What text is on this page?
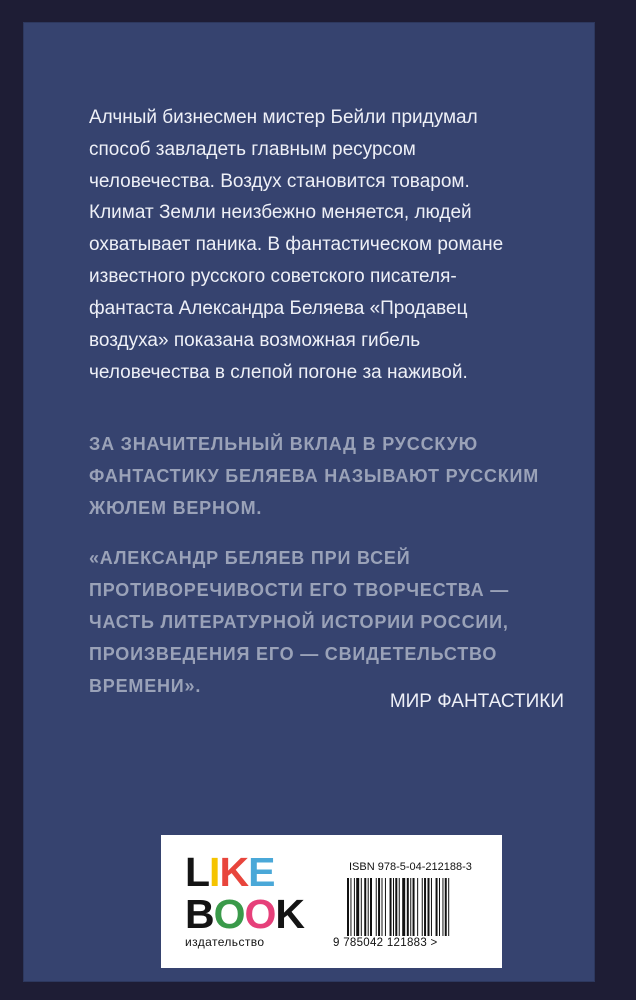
Алчный бизнесмен мистер Бейли придумал
способ завладеть главным ресурсом
человечества. Воздух становится товаром.

Климат Земли неизбежно меняется, людей
охватывает паника. В фантастическом романе
известного русского советского писателя-
фантаста Александра Беляева «Продавец
воздуха» показана возможная гибель
человечества в слепой погоне за наживой.

ЗА ЗНАЧИТЕЛЬНЫЙ ВКЛАД В РУССКУЮ
ФАНТАСТИКУ БЕЛЯЕВА НАЗЫВАЮТ РУССКИМ
ЖЮЛЕМ ВЕРНОМ.

«АЛЕКСАНДР БЕЛЯЕВ ПРИ ВСЕЙ
ПРОТИВОРЕЧИВОСТИ ЕГО ТВОРЧЕСТВА —
ЧАСТЬ ЛИТЕРАТУРНОЙ ИСТОРИИ РОССИИ,
ПРОИЗВЕДЕНИЯ ЕГО — СВИДЕТЕЛЬСТВО
ВРЕМЕНИ».

МИР ФАНТАСТИКИ

LIKE
BOOK
издательство
ISBN 978-5-04-212188-3
9 785042 121883 >
